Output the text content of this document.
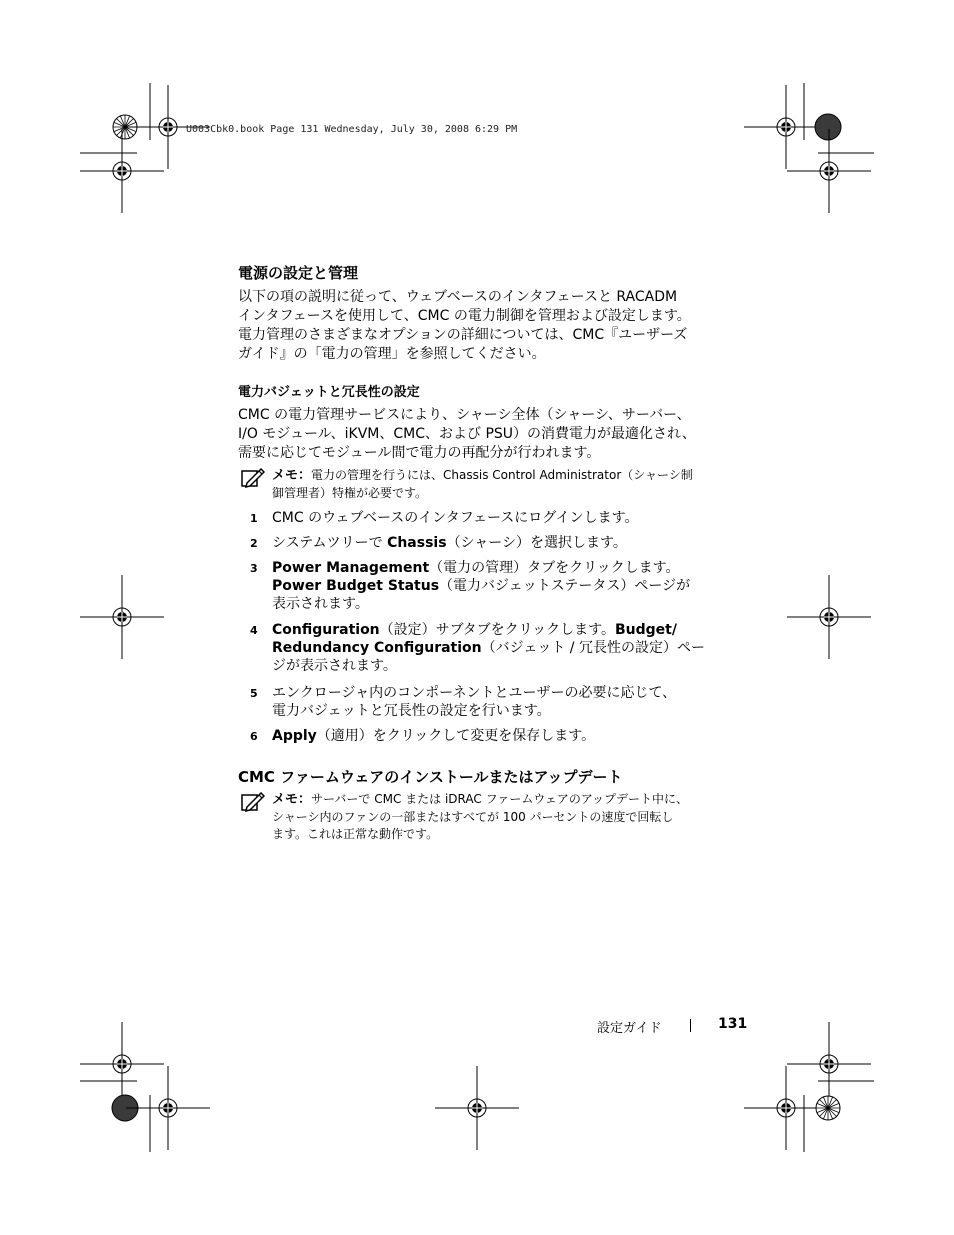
U003Cbk0.book Page 131 Wednesday, July 30, 2008 6:29 PM
電源の設定と管理
以下の項の説明に従って、ウェブベースのインタフェースと RACADM
インタフェースを使用して、CMC の電力制御を管理および設定します。
電力管理のさまざまなオプションの詳細については、CMC『ユーザーズ
ガイド』の「電力の管理」を参照してください。
電力バジェットと冗長性の設定
CMC の電力管理サービスにより、シャーシ全体（シャーシ、サーバー、
I/O モジュール、iKVM、CMC、および PSU）の消費電力が最適化され、
需要に応じてモジュール間で電力の再配分が行われます。
メモ：電力の管理を行うには、Chassis Control Administrator（シャーシ制
御管理者）特権が必要です。
1 CMC のウェブベースのインタフェースにログインします。
2 システムツリーで Chassis（シャーシ）を選択します。
3 Power Management（電力の管理）タブをクリックします。
Power Budget Status（電力バジェットステータス）ページが
表示されます。
4 Configuration（設定）サブタブをクリックします。Budget/
Redundancy Configuration（バジェット / 冗長性の設定）ペー
ジが表示されます。
5 エンクロージャ内のコンポーネントとユーザーの必要に応じて、
電力バジェットと冗長性の設定を行います。
6 Apply（適用）をクリックして変更を保存します。
CMC ファームウェアのインストールまたはアップデート
メモ：サーバーで CMC または iDRAC ファームウェアのアップデート中に、
シャーシ内のファンの一部またはすべてが 100 パーセントの速度で回転し
ます。これは正常な動作です。
設定ガイド	131
